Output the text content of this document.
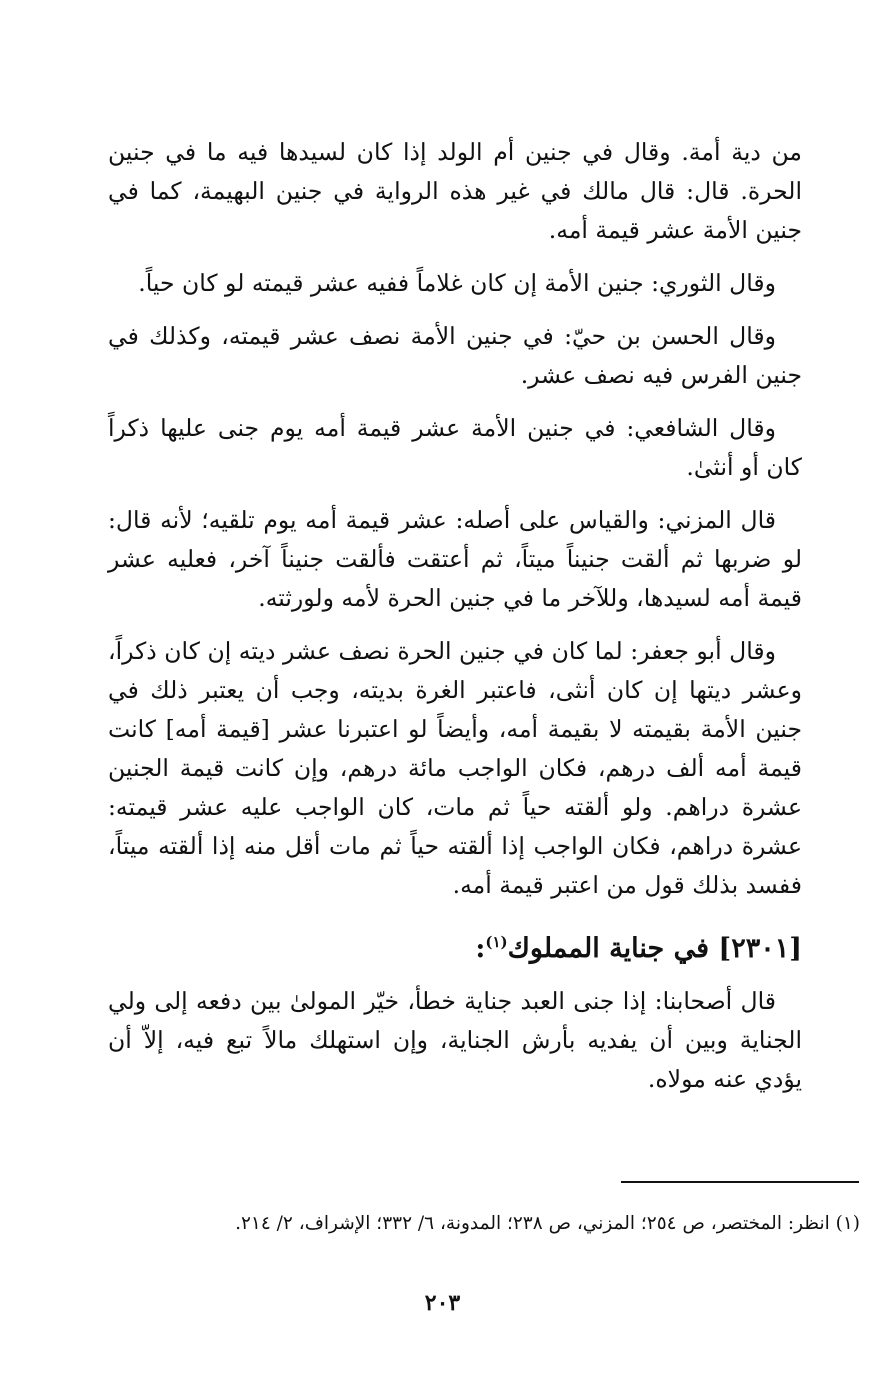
من دية أمة. وقال في جنين أم الولد إذا كان لسيدها فيه ما في جنين الحرة. قال: قال مالك في غير هذه الرواية في جنين البهيمة، كما في جنين الأمة عشر قيمة أمه.

وقال الثوري: جنين الأمة إن كان غلاماً ففيه عشر قيمته لو كان حياً.

وقال الحسن بن حيّ: في جنين الأمة نصف عشر قيمته، وكذلك في جنين الفرس فيه نصف عشر.

وقال الشافعي: في جنين الأمة عشر قيمة أمه يوم جنى عليها ذكراً كان أو أنثىٰ.

قال المزني: والقياس على أصله: عشر قيمة أمه يوم تلقيه؛ لأنه قال: لو ضربها ثم ألقت جنيناً ميتاً، ثم أعتقت فألقت جنيناً آخر، فعليه عشر قيمة أمه لسيدها، وللآخر ما في جنين الحرة لأمه ولورثته.

وقال أبو جعفر: لما كان في جنين الحرة نصف عشر ديته إن كان ذكراً، وعشر ديتها إن كان أنثى، فاعتبر الغرة بديته، وجب أن يعتبر ذلك في جنين الأمة بقيمته لا بقيمة أمه، وأيضاً لو اعتبرنا عشر [قيمة أمه] كانت قيمة أمه ألف درهم، فكان الواجب مائة درهم، وإن كانت قيمة الجنين عشرة دراهم. ولو ألقته حياً ثم مات، كان الواجب عليه عشر قيمته: عشرة دراهم، فكان الواجب إذا ألقته حياً ثم مات أقل منه إذا ألقته ميتاً، ففسد بذلك قول من اعتبر قيمة أمه.

[٢٣٠١] في جناية المملوك$^{(١)}$:

قال أصحابنا: إذا جنى العبد جناية خطأ، خيّر المولىٰ بين دفعه إلى ولي الجناية وبين أن يفديه بأرش الجناية، وإن استهلك مالاً تبع فيه، إلاّ أن يؤدي عنه مولاه.

(١) انظر: المختصر، ص ٢٥٤؛ المزني، ص ٢٣٨؛ المدونة، ٦/ ٣٣٢؛ الإشراف، ٢/ ٢١٤.

٢٠٣
